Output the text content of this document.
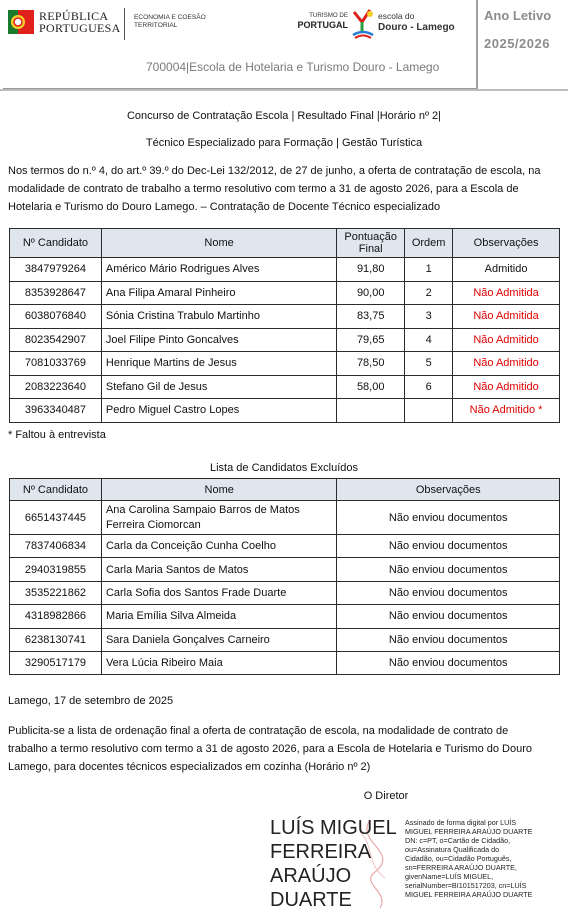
REPÚBLICA
PORTUGUESA
ECONOMIA E COESÃO
TERRITORIAL
TURISMO DE
PORTUGAL
escola do
Douro - Lamego
700004|Escola de Hotelaria e Turismo Douro - Lamego
Ano Letivo
2025/2026
Concurso de Contratação Escola | Resultado Final |Horário nº 2|
Técnico Especializado para Formação | Gestão Turística
Nos termos do n.º 4, do art.º 39.º do Dec-Lei 132/2012, de 27 de junho, a oferta de contratação de escola, na
modalidade de contrato de trabalho a termo resolutivo com termo a 31 de agosto 2026, para a Escola de
Hotelaria e Turismo do Douro Lamego. – Contratação de Docente Técnico especializado
Nº Candidato	Nome	Pontuação Final	Ordem	Observações
3847979264	Américo Mário Rodrigues Alves	91,80	1	Admitido
8353928647	Ana Filipa Amaral Pinheiro	90,00	2	Não Admitida
6038076840	Sónia Cristina Trabulo Martinho	83,75	3	Não Admitida
8023542907	Joel Filipe Pinto Goncalves	79,65	4	Não Admitido
7081033769	Henrique Martins de Jesus	78,50	5	Não Admitido
2083223640	Stefano Gil de Jesus	58,00	6	Não Admitido
3963340487	Pedro Miguel Castro Lopes			Não Admitido *
* Faltou à entrevista
Lista de Candidatos Excluídos
Nº Candidato	Nome	Observações
6651437445	Ana Carolina Sampaio Barros de Matos Ferreira Ciomorcan	Não enviou documentos
7837406834	Carla da Conceição Cunha Coelho	Não enviou documentos
2940319855	Carla Maria Santos de Matos	Não enviou documentos
3535221862	Carla Sofia dos Santos Frade Duarte	Não enviou documentos
4318982866	Maria Emília Silva Almeida	Não enviou documentos
6238130741	Sara Daniela Gonçalves Carneiro	Não enviou documentos
3290517179	Vera Lúcia Ribeiro Maia	Não enviou documentos
Lamego, 17 de setembro de 2025
Publicita-se a lista de ordenação final a oferta de contratação de escola, na modalidade de contrato de
trabalho a termo resolutivo com termo a 31 de agosto 2026, para a Escola de Hotelaria e Turismo do Douro
Lamego, para docentes técnicos especializados em cozinha (Horário nº 2)
O Diretor
LUÍS MIGUEL
FERREIRA
ARAÚJO
DUARTE
Assinado de forma digital por LUÍS
MIGUEL FERREIRA ARAÚJO DUARTE
DN: c=PT, o=Cartão de Cidadão,
ou=Assinatura Qualificada do
Cidadão, ou=Cidadão Português,
sn=FERREIRA ARAÚJO DUARTE,
givenName=LUÍS MIGUEL,
serialNumber=BI101517203, cn=LUÍS
MIGUEL FERREIRA ARAÚJO DUARTE
